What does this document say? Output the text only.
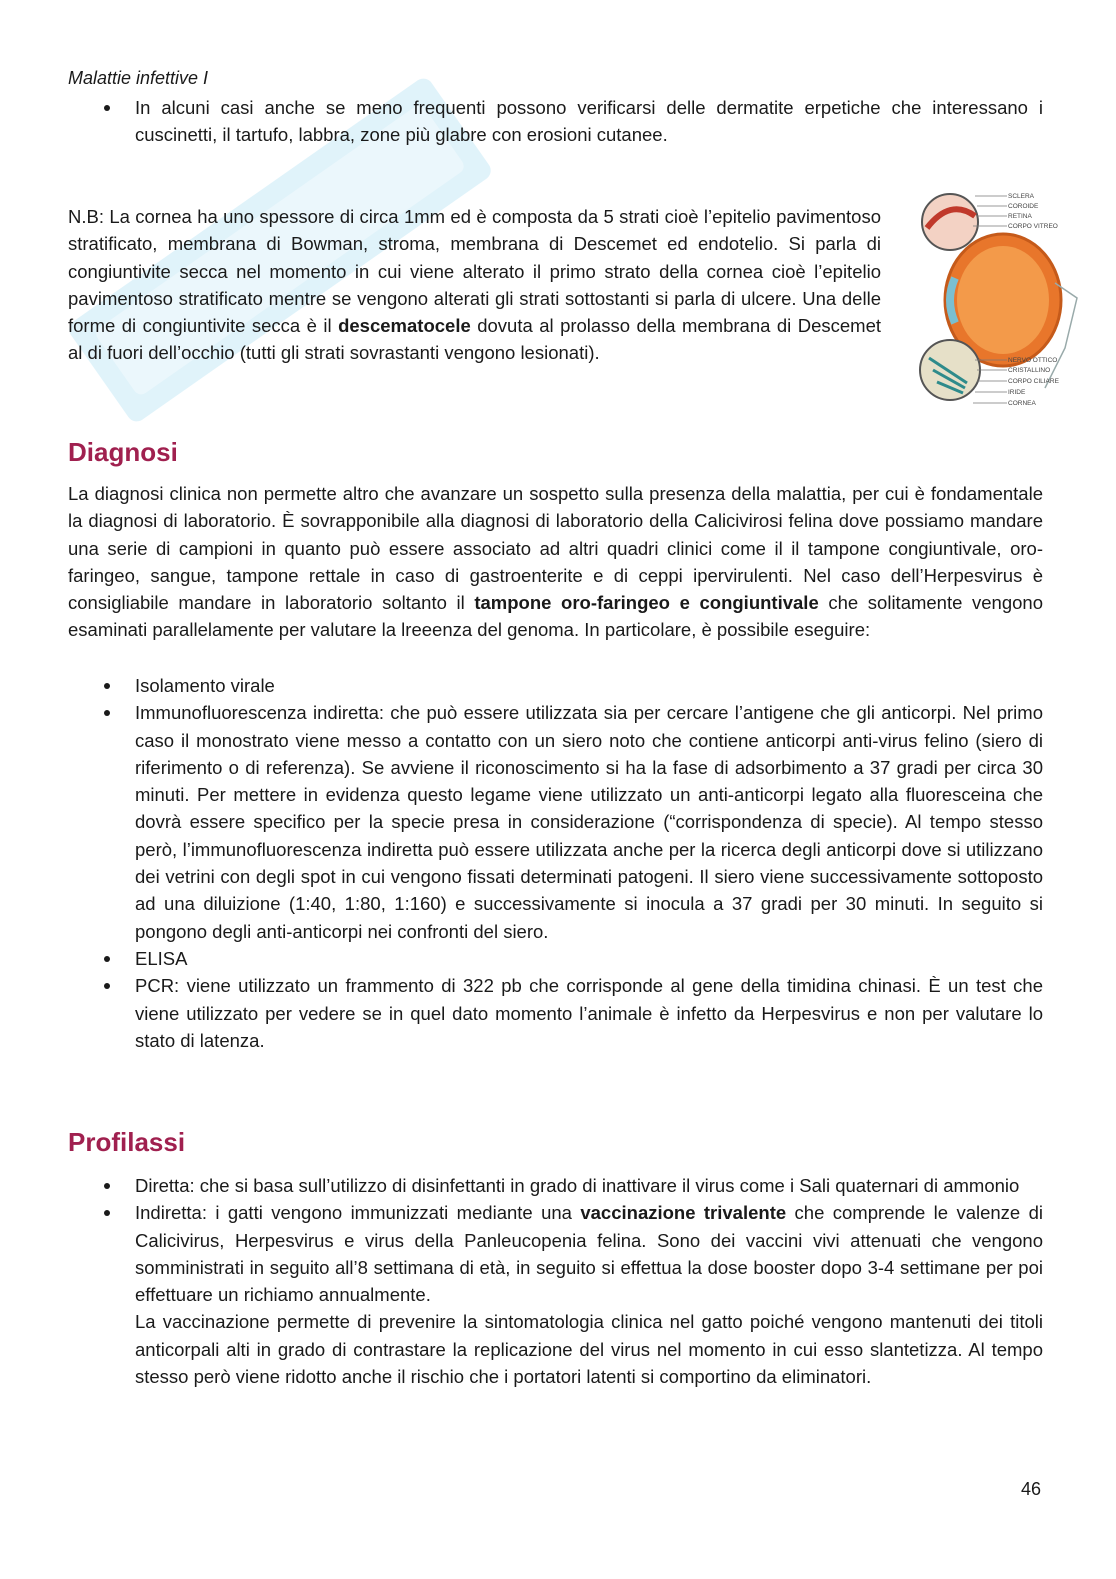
Malattie infettive I
In alcuni casi anche se meno frequenti possono verificarsi delle dermatite erpetiche che interessano i cuscinetti, il tartufo, labbra, zone più glabre con erosioni cutanee.

N.B: La cornea ha uno spessore di circa 1mm ed è composta da 5 strati cioè l’epitelio pavimentoso stratificato, membrana di Bowman, stroma, membrana di Descemet ed endotelio. Si parla di congiuntivite secca nel momento in cui viene alterato il primo strato della cornea cioè l’epitelio pavimentoso stratificato mentre se vengono alterati gli strati sottostanti si parla di ulcere. Una delle forme di congiuntivite secca è il descematocele dovuta al prolasso della membrana di Descemet al di fuori dell’occhio (tutti gli strati sovrastanti vengono lesionati).

SCLERA
COROIDE
RETINA
CORPO VITREO
NERVO OTTICO
CRISTALLINO
CORPO CILIARE
IRIDE
CORNEA
Diagnosi

La diagnosi clinica non permette altro che avanzare un sospetto sulla presenza della malattia, per cui è fondamentale la diagnosi di laboratorio. È sovrapponibile alla diagnosi di laboratorio della Calicivirosi felina dove possiamo mandare una serie di campioni in quanto può essere associato ad altri quadri clinici come il il tampone congiuntivale, oro-faringeo, sangue, tampone rettale in caso di gastroenterite e di ceppi ipervirulenti. Nel caso dell’Herpesvirus è consigliabile mandare in laboratorio soltanto il tampone oro-faringeo e congiuntivale che solitamente vengono esaminati parallelamente per valutare la lreeenza del genoma. In particolare, è possibile eseguire:

Isolamento virale
Immunofluorescenza indiretta: che può essere utilizzata sia per cercare l’antigene che gli anticorpi. Nel primo caso il monostrato viene messo a contatto con un siero noto che contiene anticorpi anti-virus felino (siero di riferimento o di referenza). Se avviene il riconoscimento si ha la fase di adsorbimento a 37 gradi per circa 30 minuti. Per mettere in evidenza questo legame viene utilizzato un anti-anticorpi legato alla fluoresceina che dovrà essere specifico per la specie presa in considerazione (“corrispondenza di specie). Al tempo stesso però, l’immunofluorescenza indiretta può essere utilizzata anche per la ricerca degli anticorpi dove si utilizzano dei vetrini con degli spot in cui vengono fissati determinati patogeni. Il siero viene successivamente sottoposto ad una diluizione (1:40, 1:80, 1:160) e successivamente si inocula a 37 gradi per 30 minuti. In seguito si pongono degli anti-anticorpi nei confronti del siero.
ELISA
PCR: viene utilizzato un frammento di 322 pb che corrisponde al gene della timidina chinasi. È un test che viene utilizzato per vedere se in quel dato momento l’animale è infetto da Herpesvirus e non per valutare lo stato di latenza.
Profilassi
Diretta: che si basa sull’utilizzo di disinfettanti in grado di inattivare il virus come i Sali quaternari di ammonio
Indiretta: i gatti vengono immunizzati mediante una vaccinazione trivalente che comprende le valenze di Calicivirus, Herpesvirus e virus della Panleucopenia felina. Sono dei vaccini vivi attenuati che vengono somministrati in seguito all’8 settimana di età, in seguito si effettua la dose booster dopo 3-4 settimane per poi effettuare un richiamo annualmente.
La vaccinazione permette di prevenire la sintomatologia clinica nel gatto poiché vengono mantenuti dei titoli anticorpali alti in grado di contrastare la replicazione del virus nel momento in cui esso slantetizza. Al tempo stesso però viene ridotto anche il rischio che i portatori latenti si comportino da eliminatori.
46
